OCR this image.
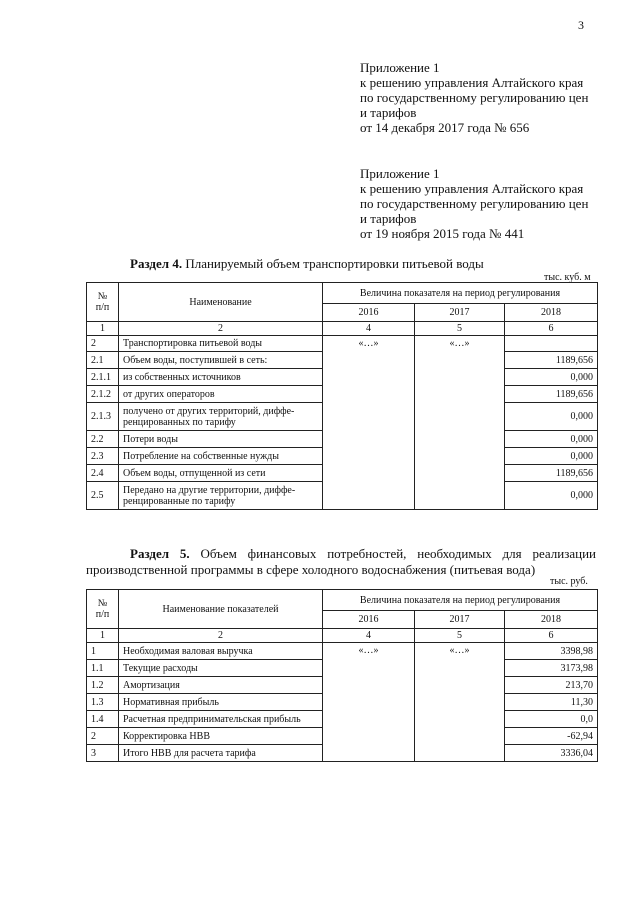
3
Приложение 1
к решению управления Алтайского края
по государственному регулированию цен
и тарифов
от 14 декабря 2017 года № 656
Приложение 1
к решению управления Алтайского края
по государственному регулированию цен
и тарифов
от 19 ноября 2015 года № 441
Раздел 4. Планируемый объем транспортировки питьевой воды
тыс. куб. м
№
п/п	Наименование	Величина показателя на период регулирования		
		2016	2017	2018
1	2	4	5	6
2	Транспортировка питьевой воды	«…»	«…»	
2.1	Объем воды, поступившей в сеть:			1189,656
2.1.1	из собственных источников			0,000
2.1.2	от других операторов			1189,656
2.1.3	получено от других территорий, диффе-ренцированных по тарифу			0,000
2.2	Потери воды			0,000
2.3	Потребление на собственные нужды			0,000
2.4	Объем воды, отпущенной из сети			1189,656
2.5	Передано на другие территории, диффе-ренцированные по тарифу			0,000
Раздел 5. Объем финансовых потребностей, необходимых для реализации производственной программы в сфере холодного водоснабжения (питьевая вода)
тыс. руб.
№
п/п	Наименование показателей	Величина показателя на период регулирования		
		2016	2017	2018
1	2	4	5	6
1	Необходимая валовая выручка	«…»	«…»	3398,98
1.1	Текущие расходы			3173,98
1.2	Амортизация			213,70
1.3	Нормативная прибыль			11,30
1.4	Расчетная предпринимательская прибыль			0,0
2	Корректировка НВВ			-62,94
3	Итого НВВ для расчета тарифа			3336,04
